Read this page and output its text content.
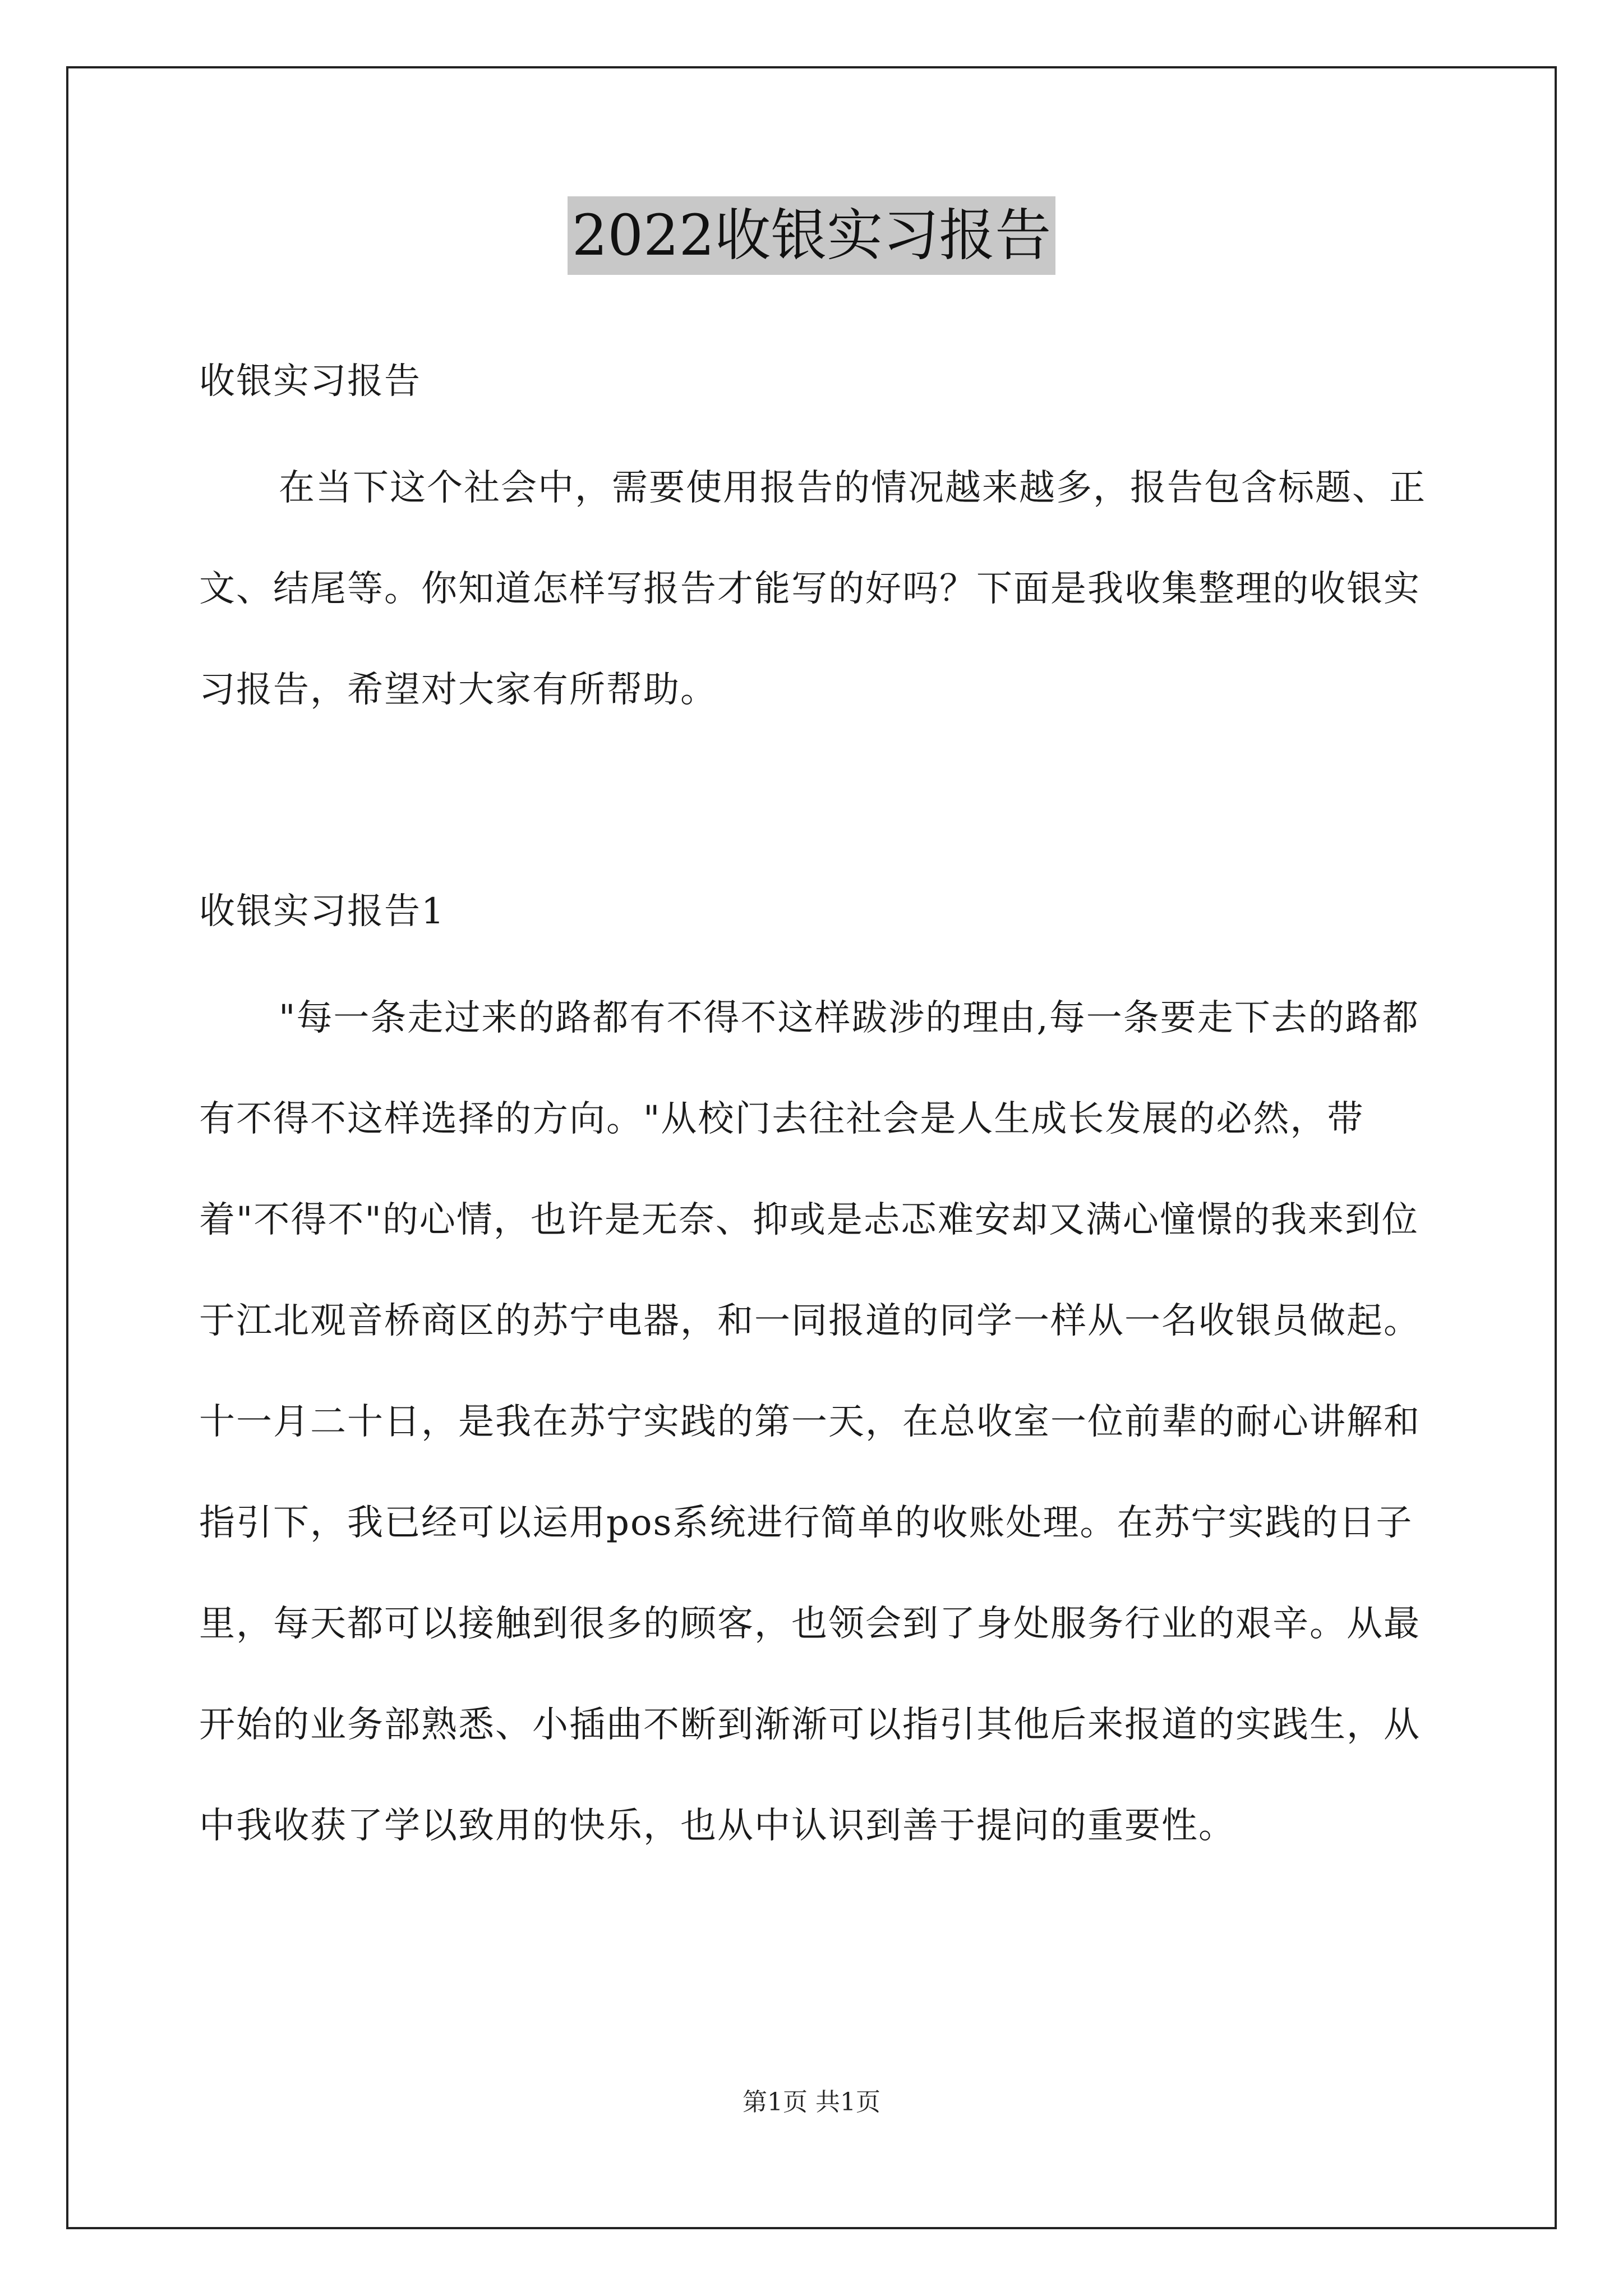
2022收银实习报告
收银实习报告
在当下这个社会中，需要使用报告的情况越来越多，报告包含标题、正文、结尾等。你知道怎样写报告才能写的好吗？下面是我收集整理的收银实习报告，希望对大家有所帮助。
收银实习报告1
"每一条走过来的路都有不得不这样跋涉的理由,每一条要走下去的路都有不得不这样选择的方向。"从校门去往社会是人生成长发展的必然，带着"不得不"的心情，也许是无奈、抑或是忐忑难安却又满心憧憬的我来到位于江北观音桥商区的苏宁电器，和一同报道的同学一样从一名收银员做起。十一月二十日，是我在苏宁实践的第一天，在总收室一位前辈的耐心讲解和指引下，我已经可以运用pos系统进行简单的收账处理。在苏宁实践的日子里，每天都可以接触到很多的顾客，也领会到了身处服务行业的艰辛。从最开始的业务部熟悉、小插曲不断到渐渐可以指引其他后来报道的实践生，从中我收获了学以致用的快乐，也从中认识到善于提问的重要性。
第1页 共1页
